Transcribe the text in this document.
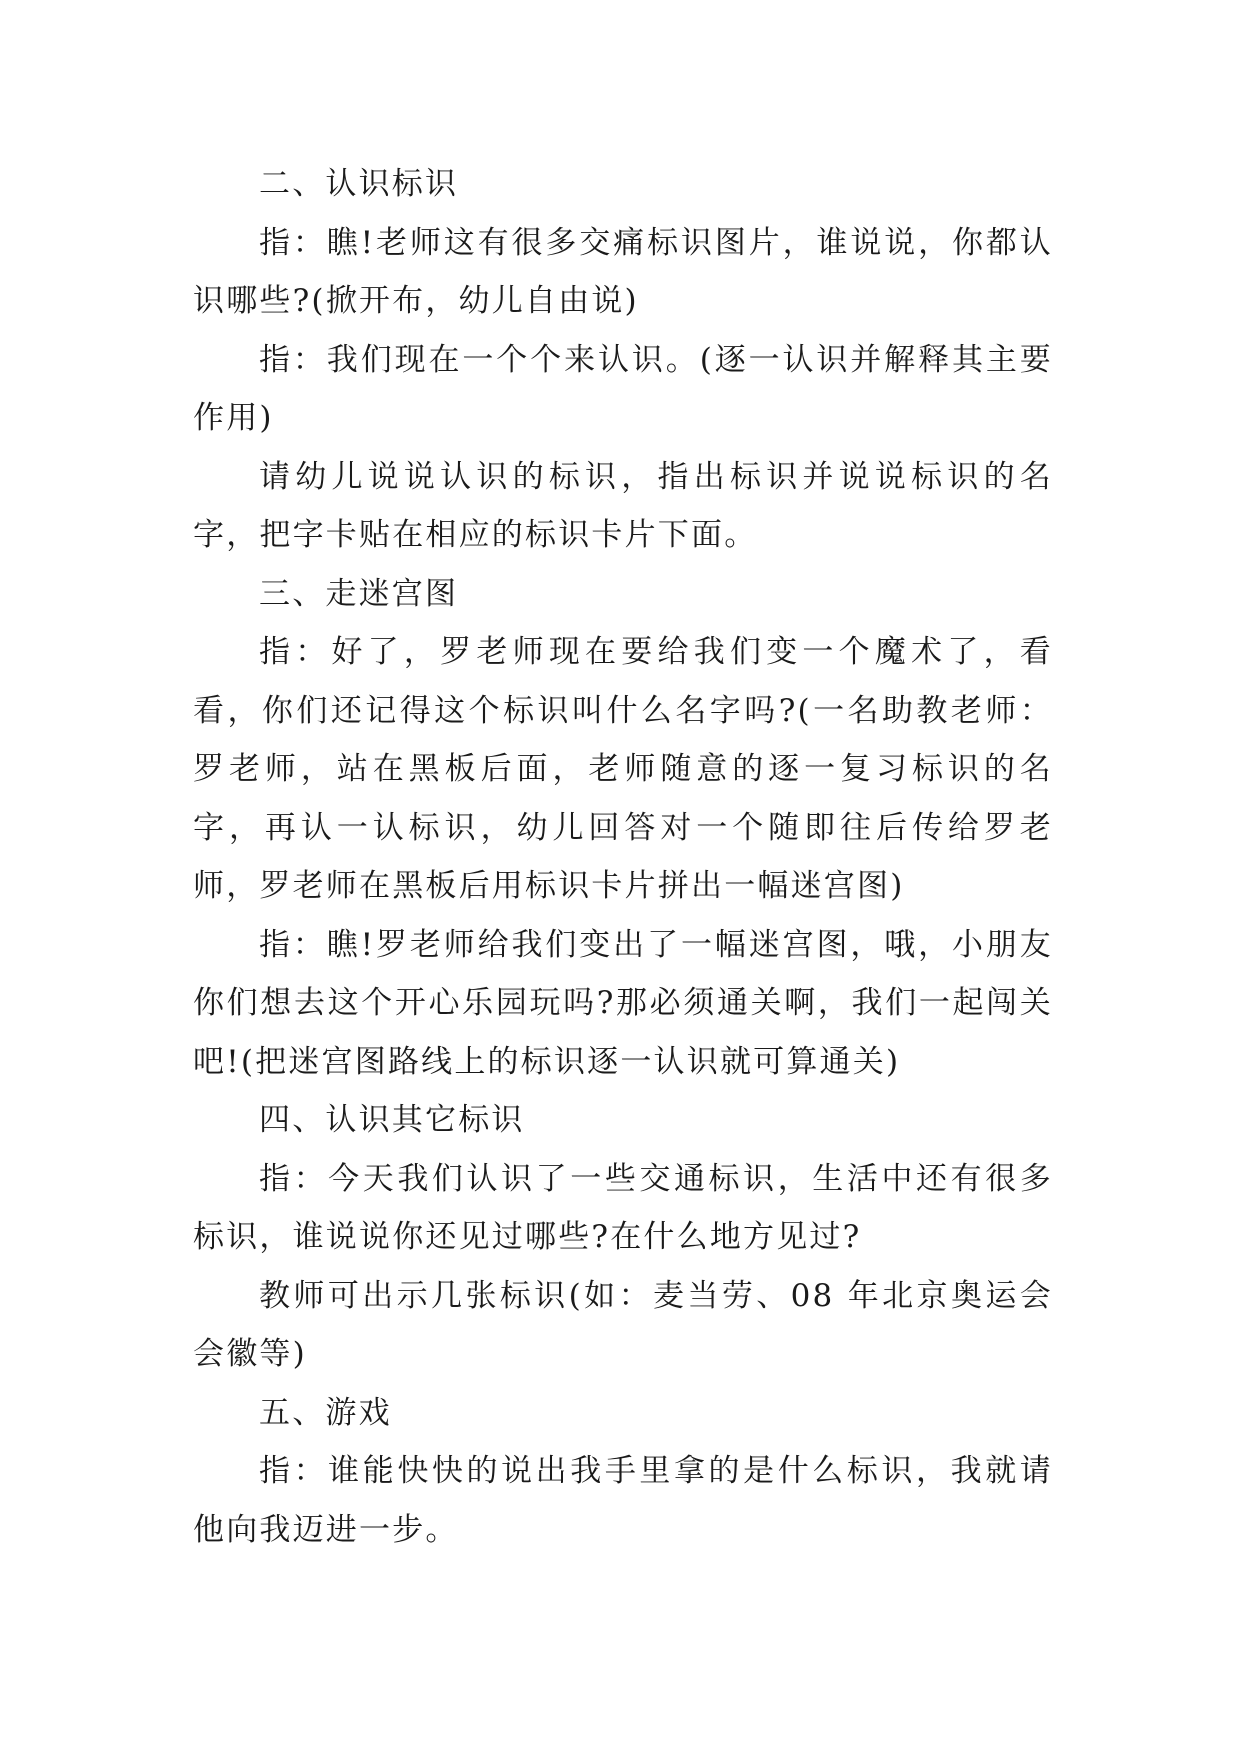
二、认识标识

指：瞧!老师这有很多交痛标识图片，谁说说，你都认识哪些?(掀开布，幼儿自由说)

指：我们现在一个个来认识。(逐一认识并解释其主要作用)

请幼儿说说认识的标识，指出标识并说说标识的名字，把字卡贴在相应的标识卡片下面。

三、走迷宫图

指：好了，罗老师现在要给我们变一个魔术了，看看，你们还记得这个标识叫什么名字吗?(一名助教老师：罗老师，站在黑板后面，老师随意的逐一复习标识的名字，再认一认标识，幼儿回答对一个随即往后传给罗老师，罗老师在黑板后用标识卡片拼出一幅迷宫图)

指：瞧!罗老师给我们变出了一幅迷宫图，哦，小朋友你们想去这个开心乐园玩吗?那必须通关啊，我们一起闯关吧!(把迷宫图路线上的标识逐一认识就可算通关)

四、认识其它标识

指：今天我们认识了一些交通标识，生活中还有很多标识，谁说说你还见过哪些?在什么地方见过?

教师可出示几张标识(如：麦当劳、08 年北京奥运会会徽等)

五、游戏

指：谁能快快的说出我手里拿的是什么标识，我就请他向我迈进一步。
